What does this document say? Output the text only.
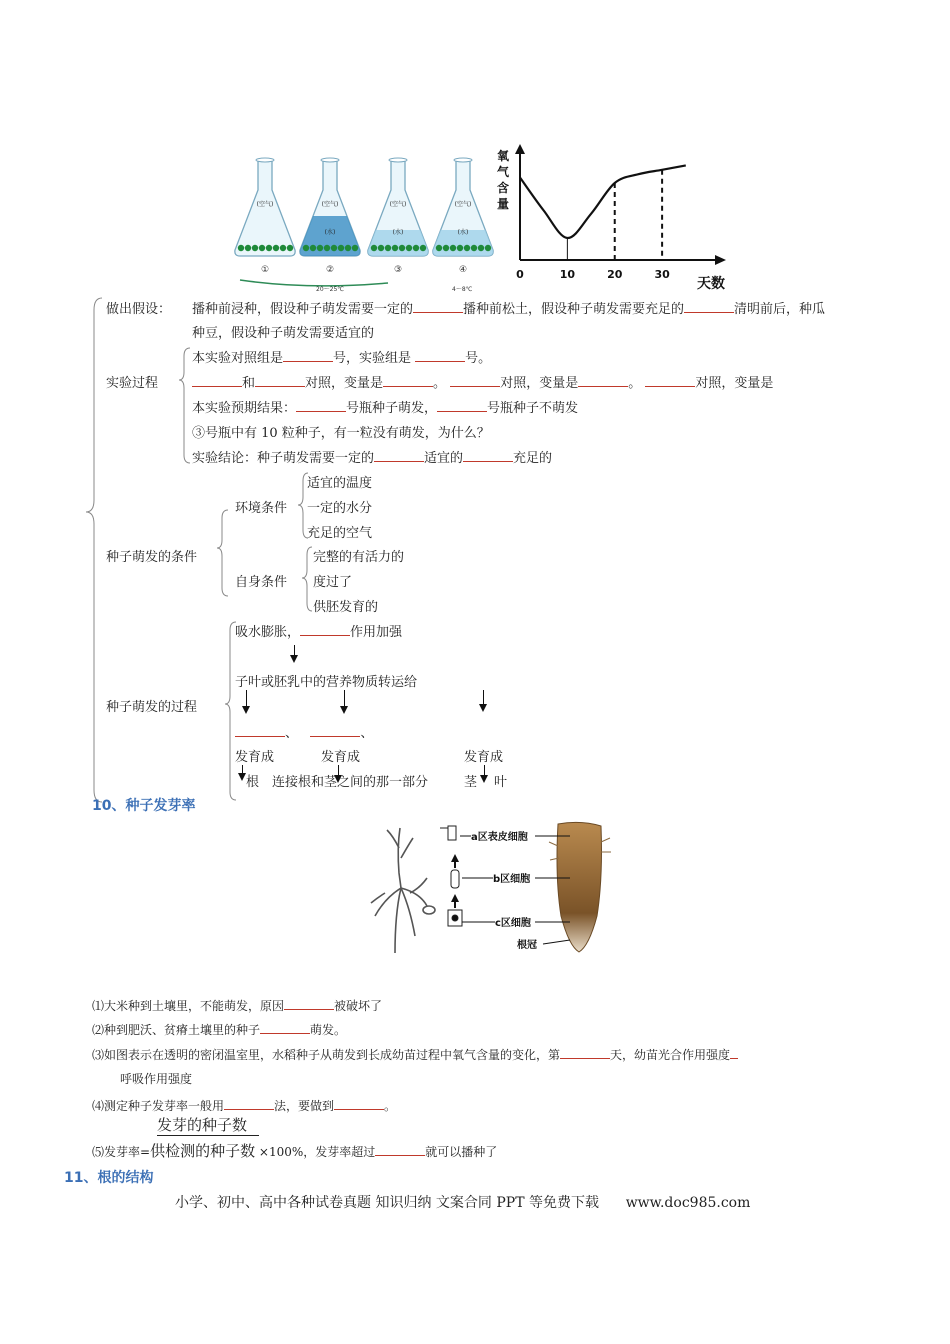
(空气)
①
(空气)
(水)
②
(空气)
(水)
③
(空气)
(水)
④
20～25℃	4～8℃
氧
气
含
量
0	10	20	30
天数
做出假设： 播种前浸种，假设种子萌发需要一定的	播种前松土，假设种子萌发需要充足的	清明前后，种瓜
种豆，假设种子萌发需要适宜的
实验过程
本实验对照组是	号，实验组是	号。
和	对照，变量是	。	对照，变量是	。	对照，变量是
本实验预期结果：	号瓶种子萌发，	号瓶种子不萌发
③号瓶中有 10 粒种子，有一粒没有萌发，为什么？
实验结论：种子萌发需要一定的	适宜的	充足的
种子萌发的条件
环境条件
适宜的温度
一定的水分
充足的空气
自身条件
完整的有活力的
度过了
供胚发育的
种子萌发的过程
吸水膨胀，	作用加强
子叶或胚乳中的营养物质转运给
、	、
发育成	发育成	发育成
根 连接根和茎之间的那一部分	茎 叶
10、种子发芽率
a区表皮细胞
b区细胞
c区细胞
根冠
⑴大米种到土壤里，不能萌发，原因	被破坏了
⑵种到肥沃、贫瘠土壤里的种子	萌发。
⑶如图表示在透明的密闭温室里，水稻种子从萌发到长成幼苗过程中氧气含量的变化，第	天，幼苗光合作用强度
呼吸作用强度
⑷测定种子发芽率一般用	法，要做到	。
发芽的种子数
⑸发芽率=供检测的种子数 ×100%，发芽率超过	就可以播种了
11、根的结构
小学、初中、高中各种试卷真题 知识归纳 文案合同 PPT 等免费下载 www.doc985.com
